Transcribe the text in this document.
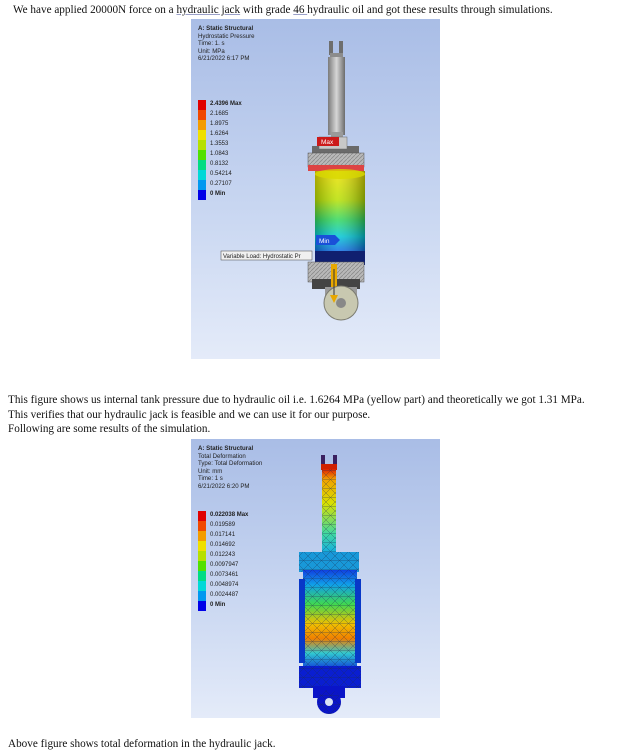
We have applied 20000N force on a hydraulic jack with grade 46 hydraulic oil and got these results through simulations.
A: Static Structural
Hydrostatic Pressure
Time: 1. s
Unit: MPa
6/21/2022 6:17 PM
2.4396 Max
2.1685
1.8975
1.6264
1.3553
1.0843
0.8132
0.54214
0.27107
0 Min
Max
Min
Variable Load: Hydrostatic Pr
This figure shows us internal tank pressure due to hydraulic oil i.e. 1.6264 MPa (yellow part) and theoretically we got 1.31 MPa.
This verifies that our hydraulic jack is feasible and we can use it for our purpose.
Following are some results of the simulation.
A: Static Structural
Total Deformation
Type: Total Deformation
Unit: mm
Time: 1 s
6/21/2022 6:20 PM
0.022038 Max
0.019589
0.017141
0.014692
0.012243
0.0097947
0.0073461
0.0048974
0.0024487
0 Min
Above figure shows total deformation in the hydraulic jack.
